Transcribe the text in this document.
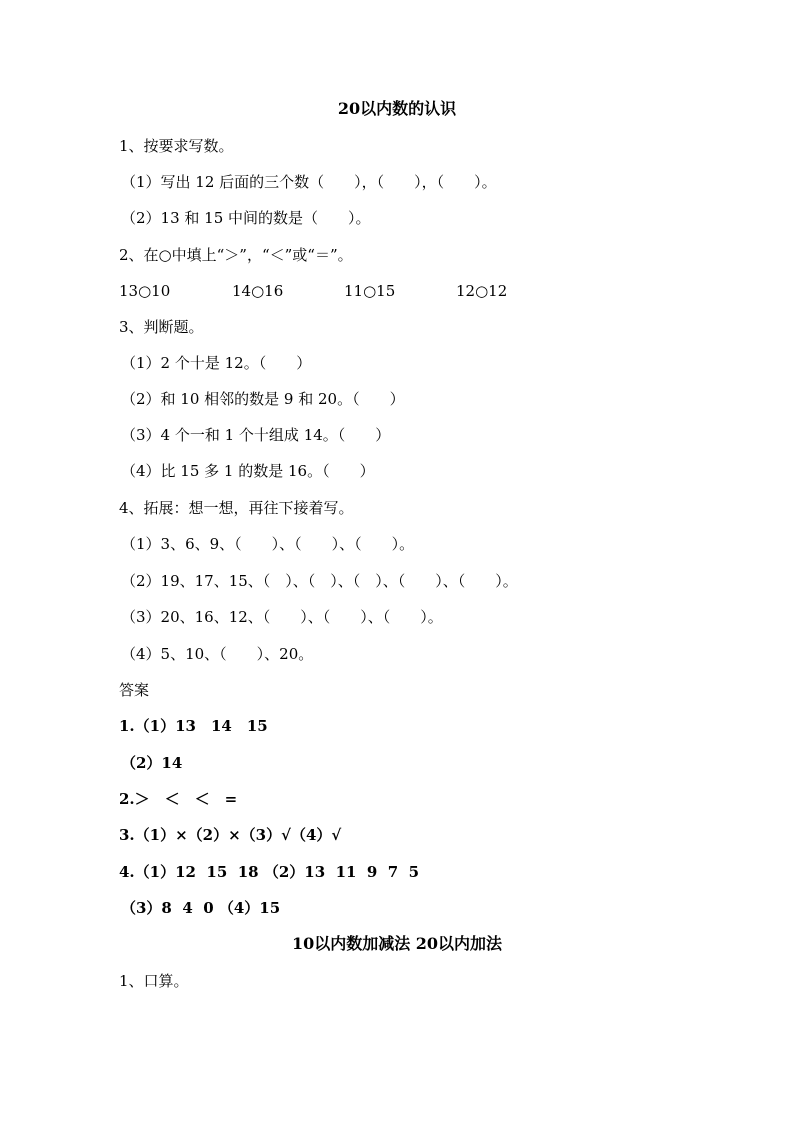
20以内数的认识
1、按要求写数。
（1）写出 12 后面的三个数（　　），（　　），（　　）。
（2）13 和 15 中间的数是（　　）。
2、在○中填上“＞”，“＜”或“＝”。
13○10	14○16	11○15	12○12
3、判断题。
（1）2 个十是 12。（　　）
（2）和 10 相邻的数是 9 和 20。（　　）
（3）4 个一和 1 个十组成 14。（　　）
（4）比 15 多 1 的数是 16。（　　）
4、拓展：想一想，再往下接着写。
（1）3、6、9、（　　）、（　　）、（　　）。
（2）19、17、15、（　）、（　）、（　）、（　　）、（　　）。
（3）20、16、12、（　　）、（　　）、（　　）。
（4）5、10、（　　）、20。
答案
1.（1）13　14　15
（2）14
2.＞　＜　＜　=
3.（1）×（2）×（3）√（4）√
4.（1）12  15  18 （2）13  11  9  7  5
（3）8  4  0 （4）15
10以内数加减法 20以内加法
1、口算。
